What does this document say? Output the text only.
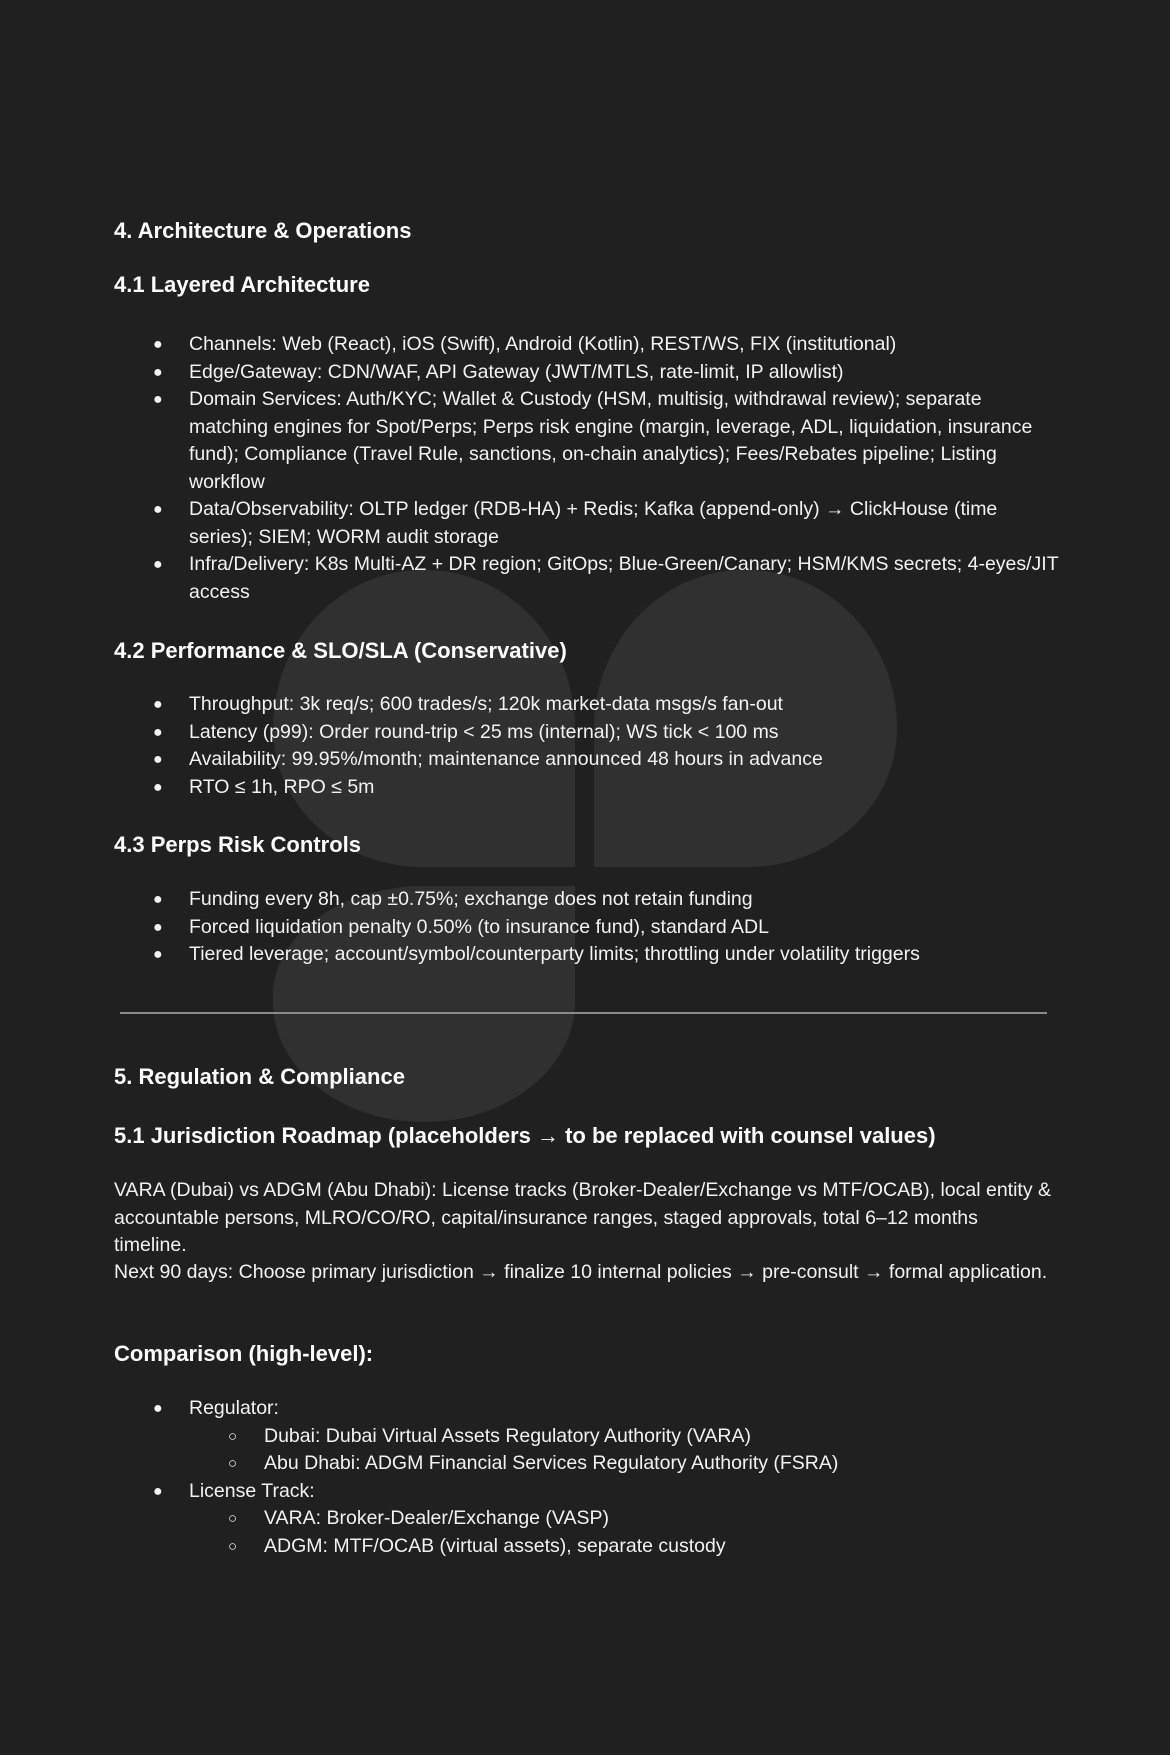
4. Architecture & Operations
4.1 Layered Architecture
● Channels: Web (React), iOS (Swift), Android (Kotlin), REST/WS, FIX (institutional)
● Edge/Gateway: CDN/WAF, API Gateway (JWT/MTLS, rate-limit, IP allowlist)
● Domain Services: Auth/KYC; Wallet & Custody (HSM, multisig, withdrawal review); separate matching engines for Spot/Perps; Perps risk engine (margin, leverage, ADL, liquidation, insurance fund); Compliance (Travel Rule, sanctions, on-chain analytics); Fees/Rebates pipeline; Listing workflow
● Data/Observability: OLTP ledger (RDB-HA) + Redis; Kafka (append-only) → ClickHouse (time series); SIEM; WORM audit storage
● Infra/Delivery: K8s Multi-AZ + DR region; GitOps; Blue-Green/Canary; HSM/KMS secrets; 4-eyes/JIT access
4.2 Performance & SLO/SLA (Conservative)
● Throughput: 3k req/s; 600 trades/s; 120k market-data msgs/s fan-out
● Latency (p99): Order round-trip < 25 ms (internal); WS tick < 100 ms
● Availability: 99.95%/month; maintenance announced 48 hours in advance
● RTO ≤ 1h, RPO ≤ 5m
4.3 Perps Risk Controls
● Funding every 8h, cap ±0.75%; exchange does not retain funding
● Forced liquidation penalty 0.50% (to insurance fund), standard ADL
● Tiered leverage; account/symbol/counterparty limits; throttling under volatility triggers
5. Regulation & Compliance
5.1 Jurisdiction Roadmap (placeholders → to be replaced with counsel values)

VARA (Dubai) vs ADGM (Abu Dhabi): License tracks (Broker-Dealer/Exchange vs MTF/OCAB), local entity & accountable persons, MLRO/CO/RO, capital/insurance ranges, staged approvals, total 6–12 months timeline.

Next 90 days: Choose primary jurisdiction → finalize 10 internal policies → pre-consult → formal application.

Comparison (high-level):
● Regulator:
○ Dubai: Dubai Virtual Assets Regulatory Authority (VARA)
○ Abu Dhabi: ADGM Financial Services Regulatory Authority (FSRA)
● License Track:
○ VARA: Broker-Dealer/Exchange (VASP)
○ ADGM: MTF/OCAB (virtual assets), separate custody
